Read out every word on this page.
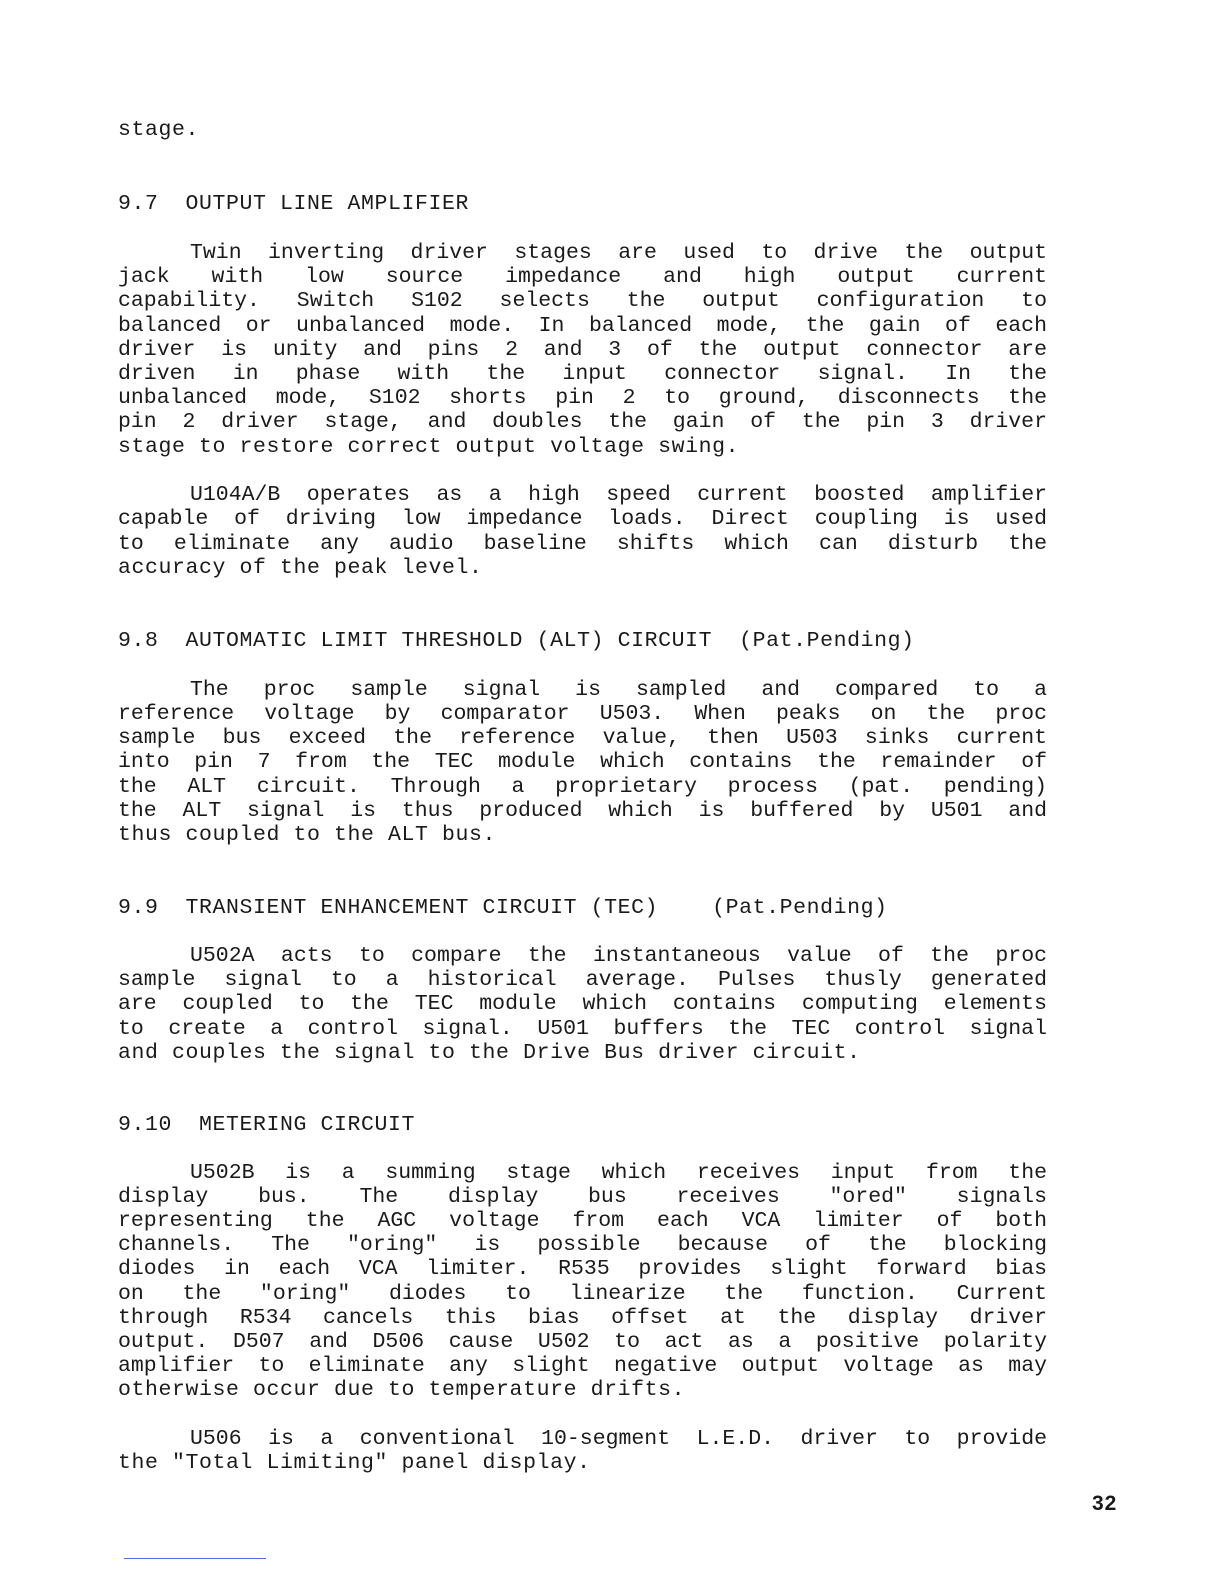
stage.
9.7  OUTPUT LINE AMPLIFIER
Twin inverting driver stages are used to drive the output
jack with low source impedance and high output current
capability. Switch S102 selects the output configuration to
balanced or unbalanced mode. In balanced mode, the gain of each
driver is unity and pins 2 and 3 of the output connector are
driven in phase with the input connector signal. In the
unbalanced mode, S102 shorts pin 2 to ground, disconnects the
pin 2 driver stage, and doubles the gain of the pin 3 driver
stage to restore correct output voltage swing.
U104A/B operates as a high speed current boosted amplifier
capable of driving low impedance loads. Direct coupling is used
to eliminate any audio baseline shifts which can disturb the
accuracy of the peak level.
9.8  AUTOMATIC LIMIT THRESHOLD (ALT) CIRCUIT  (Pat.Pending)
The proc sample signal is sampled and compared to a
reference voltage by comparator U503. When peaks on the proc
sample bus exceed the reference value, then U503 sinks current
into pin 7 from the TEC module which contains the remainder of
the ALT circuit. Through a proprietary process (pat. pending)
the ALT signal is thus produced which is buffered by U501 and
thus coupled to the ALT bus.
9.9  TRANSIENT ENHANCEMENT CIRCUIT (TEC)    (Pat.Pending)
U502A acts to compare the instantaneous value of the proc
sample signal to a historical average. Pulses thusly generated
are coupled to the TEC module which contains computing elements
to create a control signal. U501 buffers the TEC control signal
and couples the signal to the Drive Bus driver circuit.
9.10  METERING CIRCUIT
U502B is a summing stage which receives input from the
display bus. The display bus receives "ored" signals
representing the AGC voltage from each VCA limiter of both
channels. The "oring" is possible because of the blocking
diodes in each VCA limiter. R535 provides slight forward bias
on the "oring" diodes to linearize the function. Current
through R534 cancels this bias offset at the display driver
output. D507 and D506 cause U502 to act as a positive polarity
amplifier to eliminate any slight negative output voltage as may
otherwise occur due to temperature drifts.
U506 is a conventional 10-segment L.E.D. driver to provide
the "Total Limiting" panel display.
32
